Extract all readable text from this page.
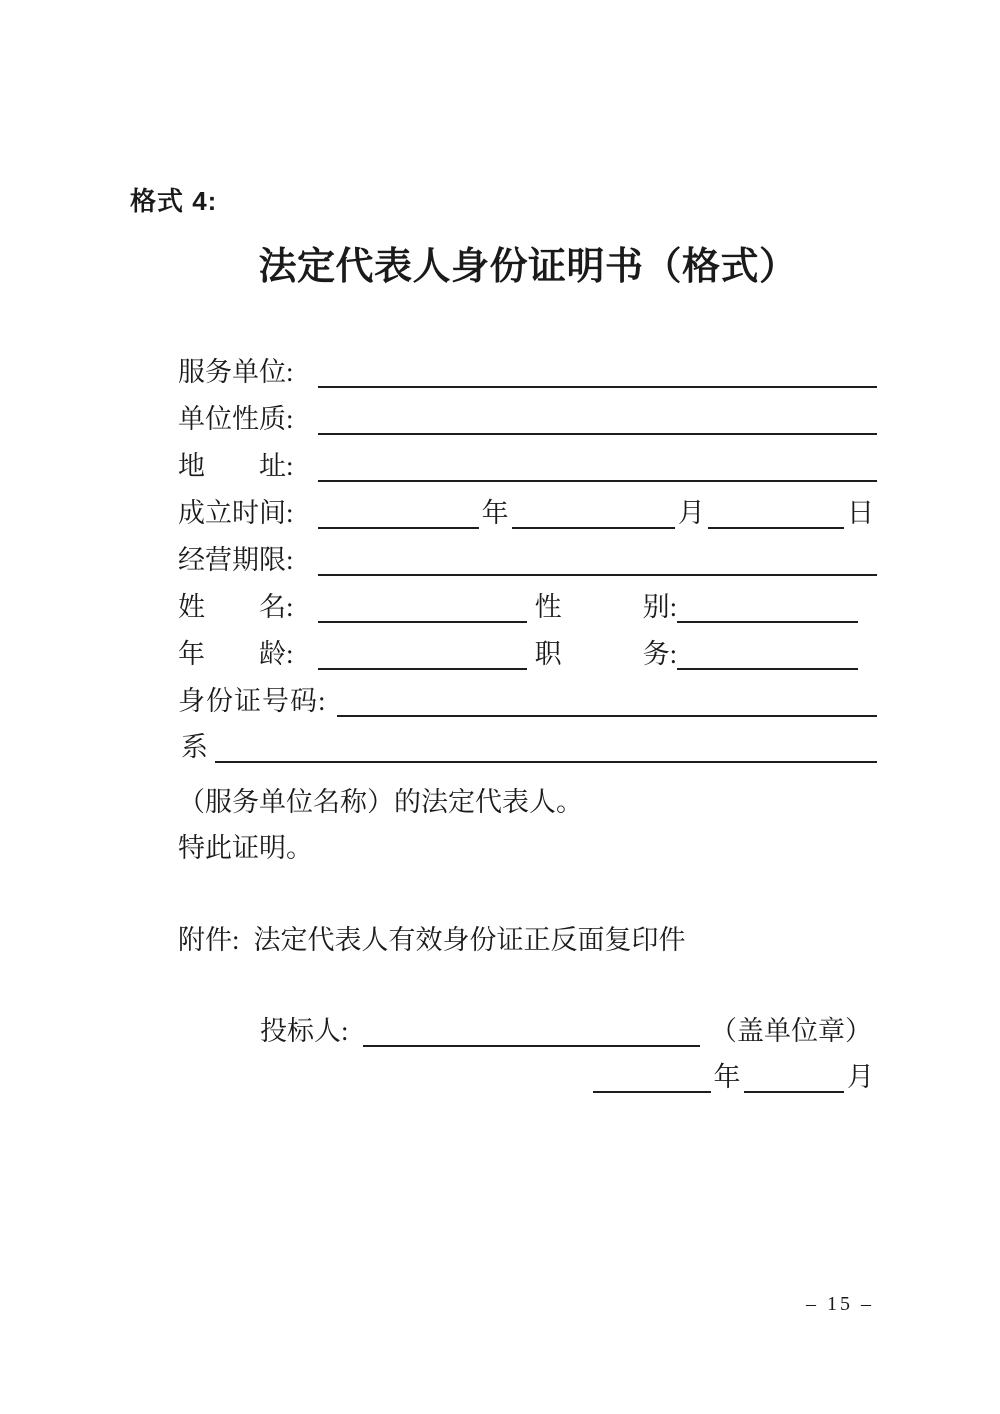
格式 4:
法定代表人身份证明书（格式）
服务单位:
单位性质:
地　　址:
成立时间:	年	月	日
经营期限:
姓　　名:	性　　　别:
年　　龄:	职　　　务:
身份证号码:
系
（服务单位名称）的法定代表人。
特此证明。
附件: 法定代表人有效身份证正反面复印件
投标人:	（盖单位章）
年	月
– 15 –
